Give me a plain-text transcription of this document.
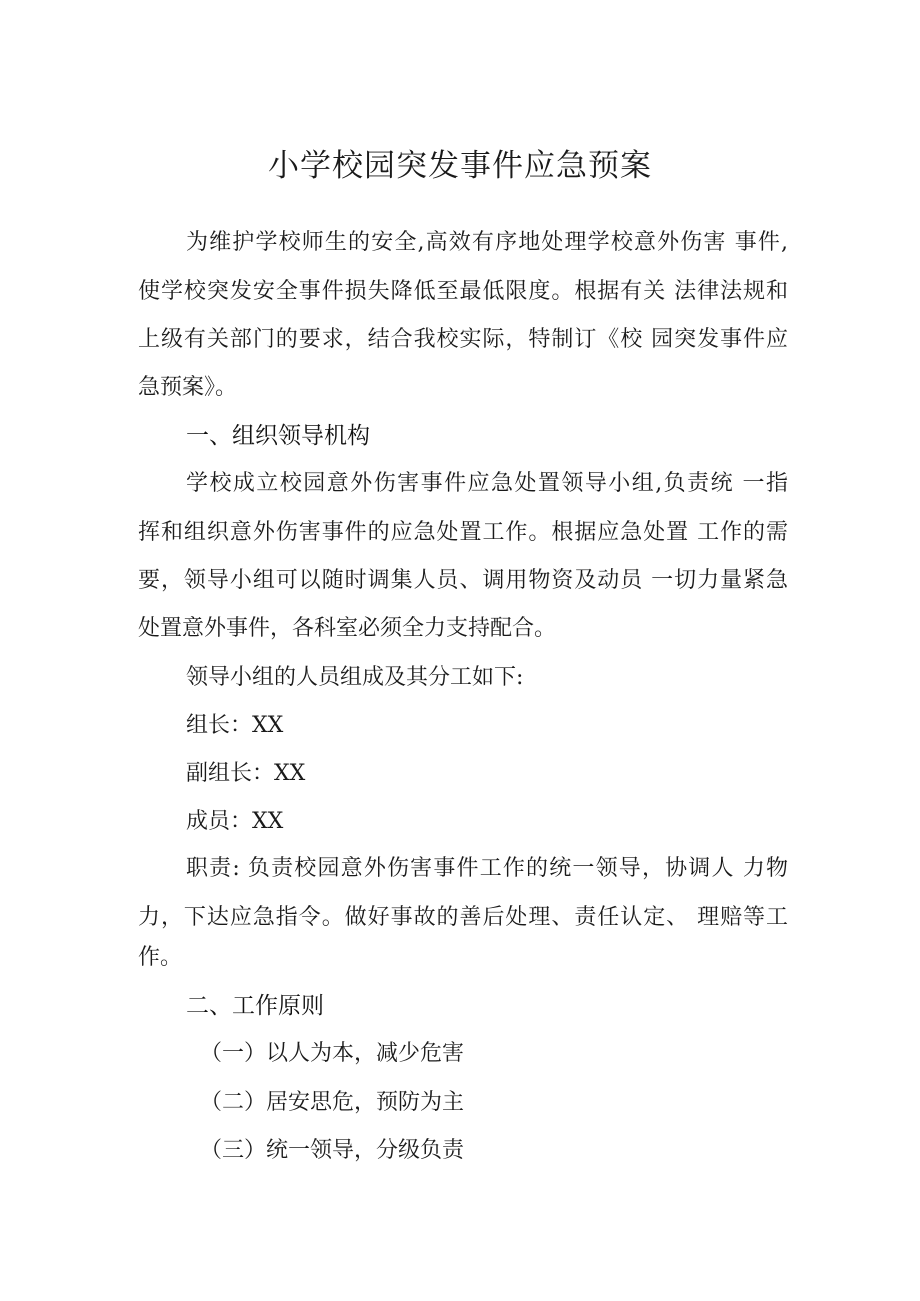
小学校园突发事件应急预案
为维护学校师生的安全,高效有序地处理学校意外伤害 事件,
使学校突发安全事件损失降低至最低限度。根据有关 法律法规和
上级有关部门的要求，结合我校实际，特制订《校 园突发事件应
急预案》。
一、组织领导机构
学校成立校园意外伤害事件应急处置领导小组,负责统 一指
挥和组织意外伤害事件的应急处置工作。根据应急处置 工作的需
要，领导小组可以随时调集人员、调用物资及动员 一切力量紧急
处置意外事件，各科室必须全力支持配合。
领导小组的人员组成及其分工如下:
组长：XX
副组长：XX
成员：XX
职责: 负责校园意外伤害事件工作的统一领导，协调人 力物
力，下达应急指令。做好事故的善后处理、责任认定、 理赔等工
作。
二、工作原则
（一）以人为本，减少危害
（二）居安思危，预防为主
（三）统一领导，分级负责
